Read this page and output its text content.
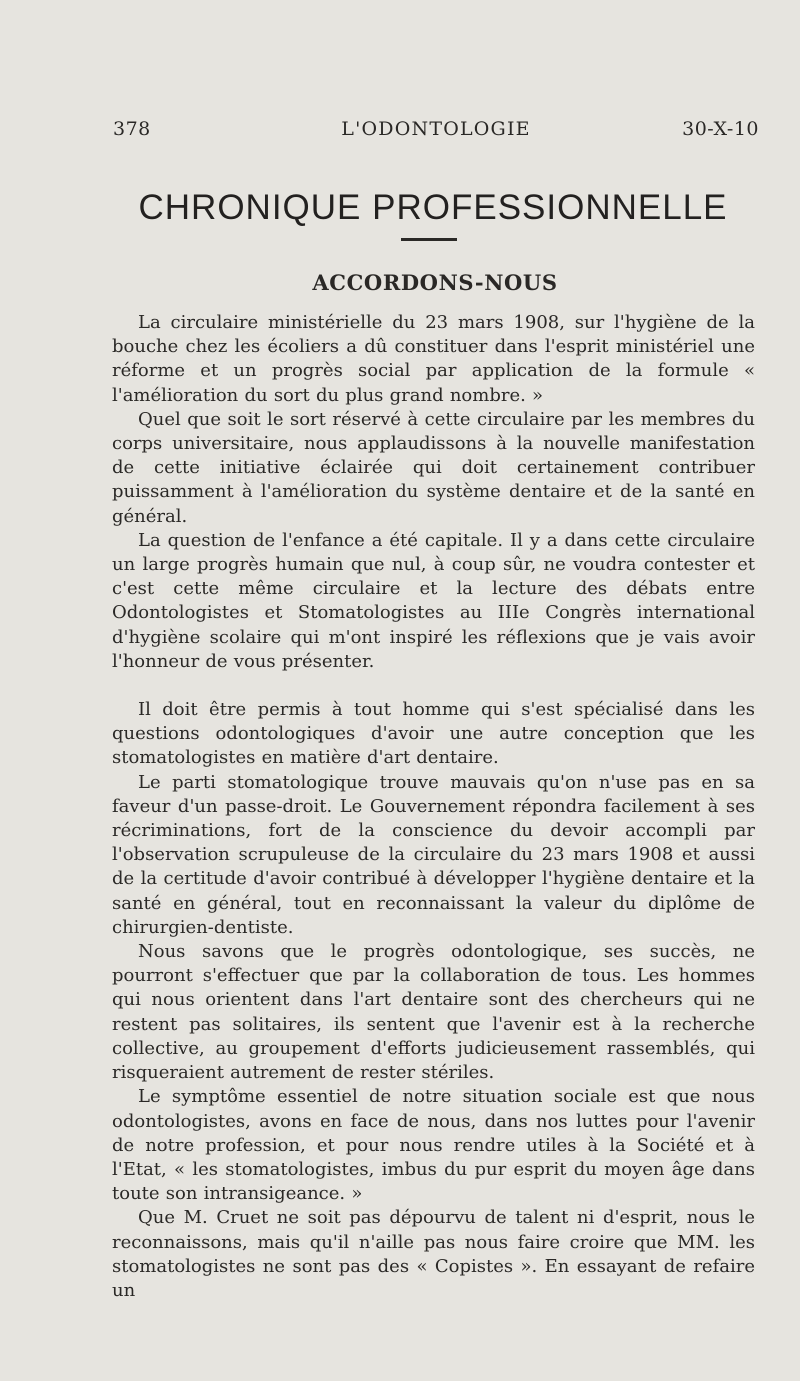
378	L'ODONTOLOGIE	30-X-10
CHRONIQUE PROFESSIONNELLE
ACCORDONS-NOUS

La circulaire ministérielle du 23 mars 1908, sur l'hygiène de la bouche chez les écoliers a dû constituer dans l'esprit ministériel une réforme et un progrès social par application de la formule « l'amélioration du sort du plus grand nombre. »

Quel que soit le sort réservé à cette circulaire par les membres du corps universitaire, nous applaudissons à la nouvelle manifestation de cette initiative éclairée qui doit certainement contribuer puissamment à l'amélioration du système dentaire et de la santé en général.

La question de l'enfance a été capitale. Il y a dans cette circulaire un large progrès humain que nul, à coup sûr, ne voudra contester et c'est cette même circulaire et la lecture des débats entre Odontologistes et Stomatologistes au IIIe Congrès international d'hygiène scolaire qui m'ont inspiré les réflexions que je vais avoir l'honneur de vous présenter.

Il doit être permis à tout homme qui s'est spécialisé dans les questions odontologiques d'avoir une autre conception que les stomatologistes en matière d'art dentaire.

Le parti stomatologique trouve mauvais qu'on n'use pas en sa faveur d'un passe-droit. Le Gouvernement répondra facilement à ses récriminations, fort de la conscience du devoir accompli par l'observation scrupuleuse de la circulaire du 23 mars 1908 et aussi de la certitude d'avoir contribué à développer l'hygiène dentaire et la santé en général, tout en reconnaissant la valeur du diplôme de chirurgien-dentiste.

Nous savons que le progrès odontologique, ses succès, ne pourront s'effectuer que par la collaboration de tous. Les hommes qui nous orientent dans l'art dentaire sont des chercheurs qui ne restent pas solitaires, ils sentent que l'avenir est à la recherche collective, au groupement d'efforts judicieusement rassemblés, qui risqueraient autrement de rester stériles.

Le symptôme essentiel de notre situation sociale est que nous odontologistes, avons en face de nous, dans nos luttes pour l'avenir de notre profession, et pour nous rendre utiles à la Société et à l'Etat, « les stomatologistes, imbus du pur esprit du moyen âge dans toute son intransigeance. »

Que M. Cruet ne soit pas dépourvu de talent ni d'esprit, nous le reconnaissons, mais qu'il n'aille pas nous faire croire que MM. les stomatologistes ne sont pas des « Copistes ». En essayant de refaire un
